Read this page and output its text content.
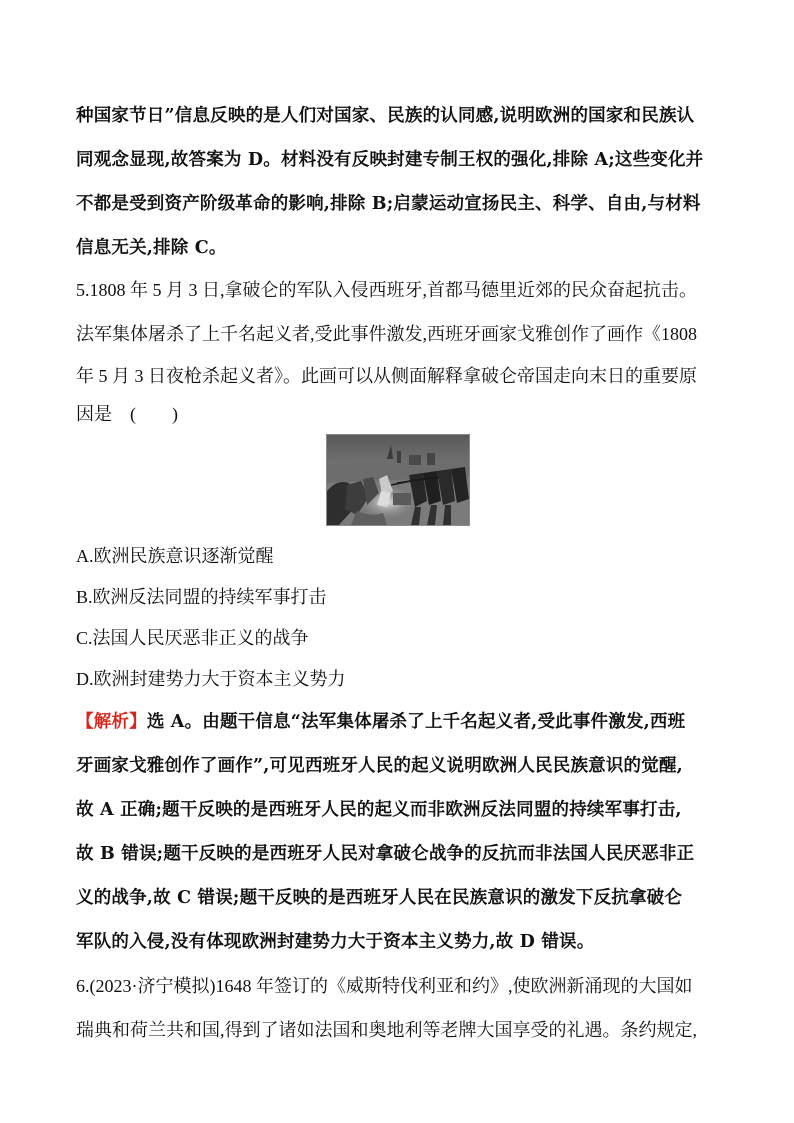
种国家节日”信息反映的是人们对国家、民族的认同感,说明欧洲的国家和民族认
同观念显现,故答案为 D。材料没有反映封建专制王权的强化,排除 A;这些变化并
不都是受到资产阶级革命的影响,排除 B;启蒙运动宣扬民主、科学、自由,与材料
信息无关,排除 C。
5.1808 年 5 月 3 日,拿破仑的军队入侵西班牙,首都马德里近郊的民众奋起抗击。
法军集体屠杀了上千名起义者,受此事件激发,西班牙画家戈雅创作了画作《1808
年 5 月 3 日夜枪杀起义者》。此画可以从侧面解释拿破仑帝国走向末日的重要原
因是　(　　)
A.欧洲民族意识逐渐觉醒
B.欧洲反法同盟的持续军事打击
C.法国人民厌恶非正义的战争
D.欧洲封建势力大于资本主义势力
【解析】选 A。由题干信息“法军集体屠杀了上千名起义者,受此事件激发,西班
牙画家戈雅创作了画作”,可见西班牙人民的起义说明欧洲人民民族意识的觉醒,
故 A 正确;题干反映的是西班牙人民的起义而非欧洲反法同盟的持续军事打击,
故 B 错误;题干反映的是西班牙人民对拿破仑战争的反抗而非法国人民厌恶非正
义的战争,故 C 错误;题干反映的是西班牙人民在民族意识的激发下反抗拿破仑
军队的入侵,没有体现欧洲封建势力大于资本主义势力,故 D 错误。
6.(2023·济宁模拟)1648 年签订的《威斯特伐利亚和约》,使欧洲新涌现的大国如
瑞典和荷兰共和国,得到了诸如法国和奥地利等老牌大国享受的礼遇。条约规定,
